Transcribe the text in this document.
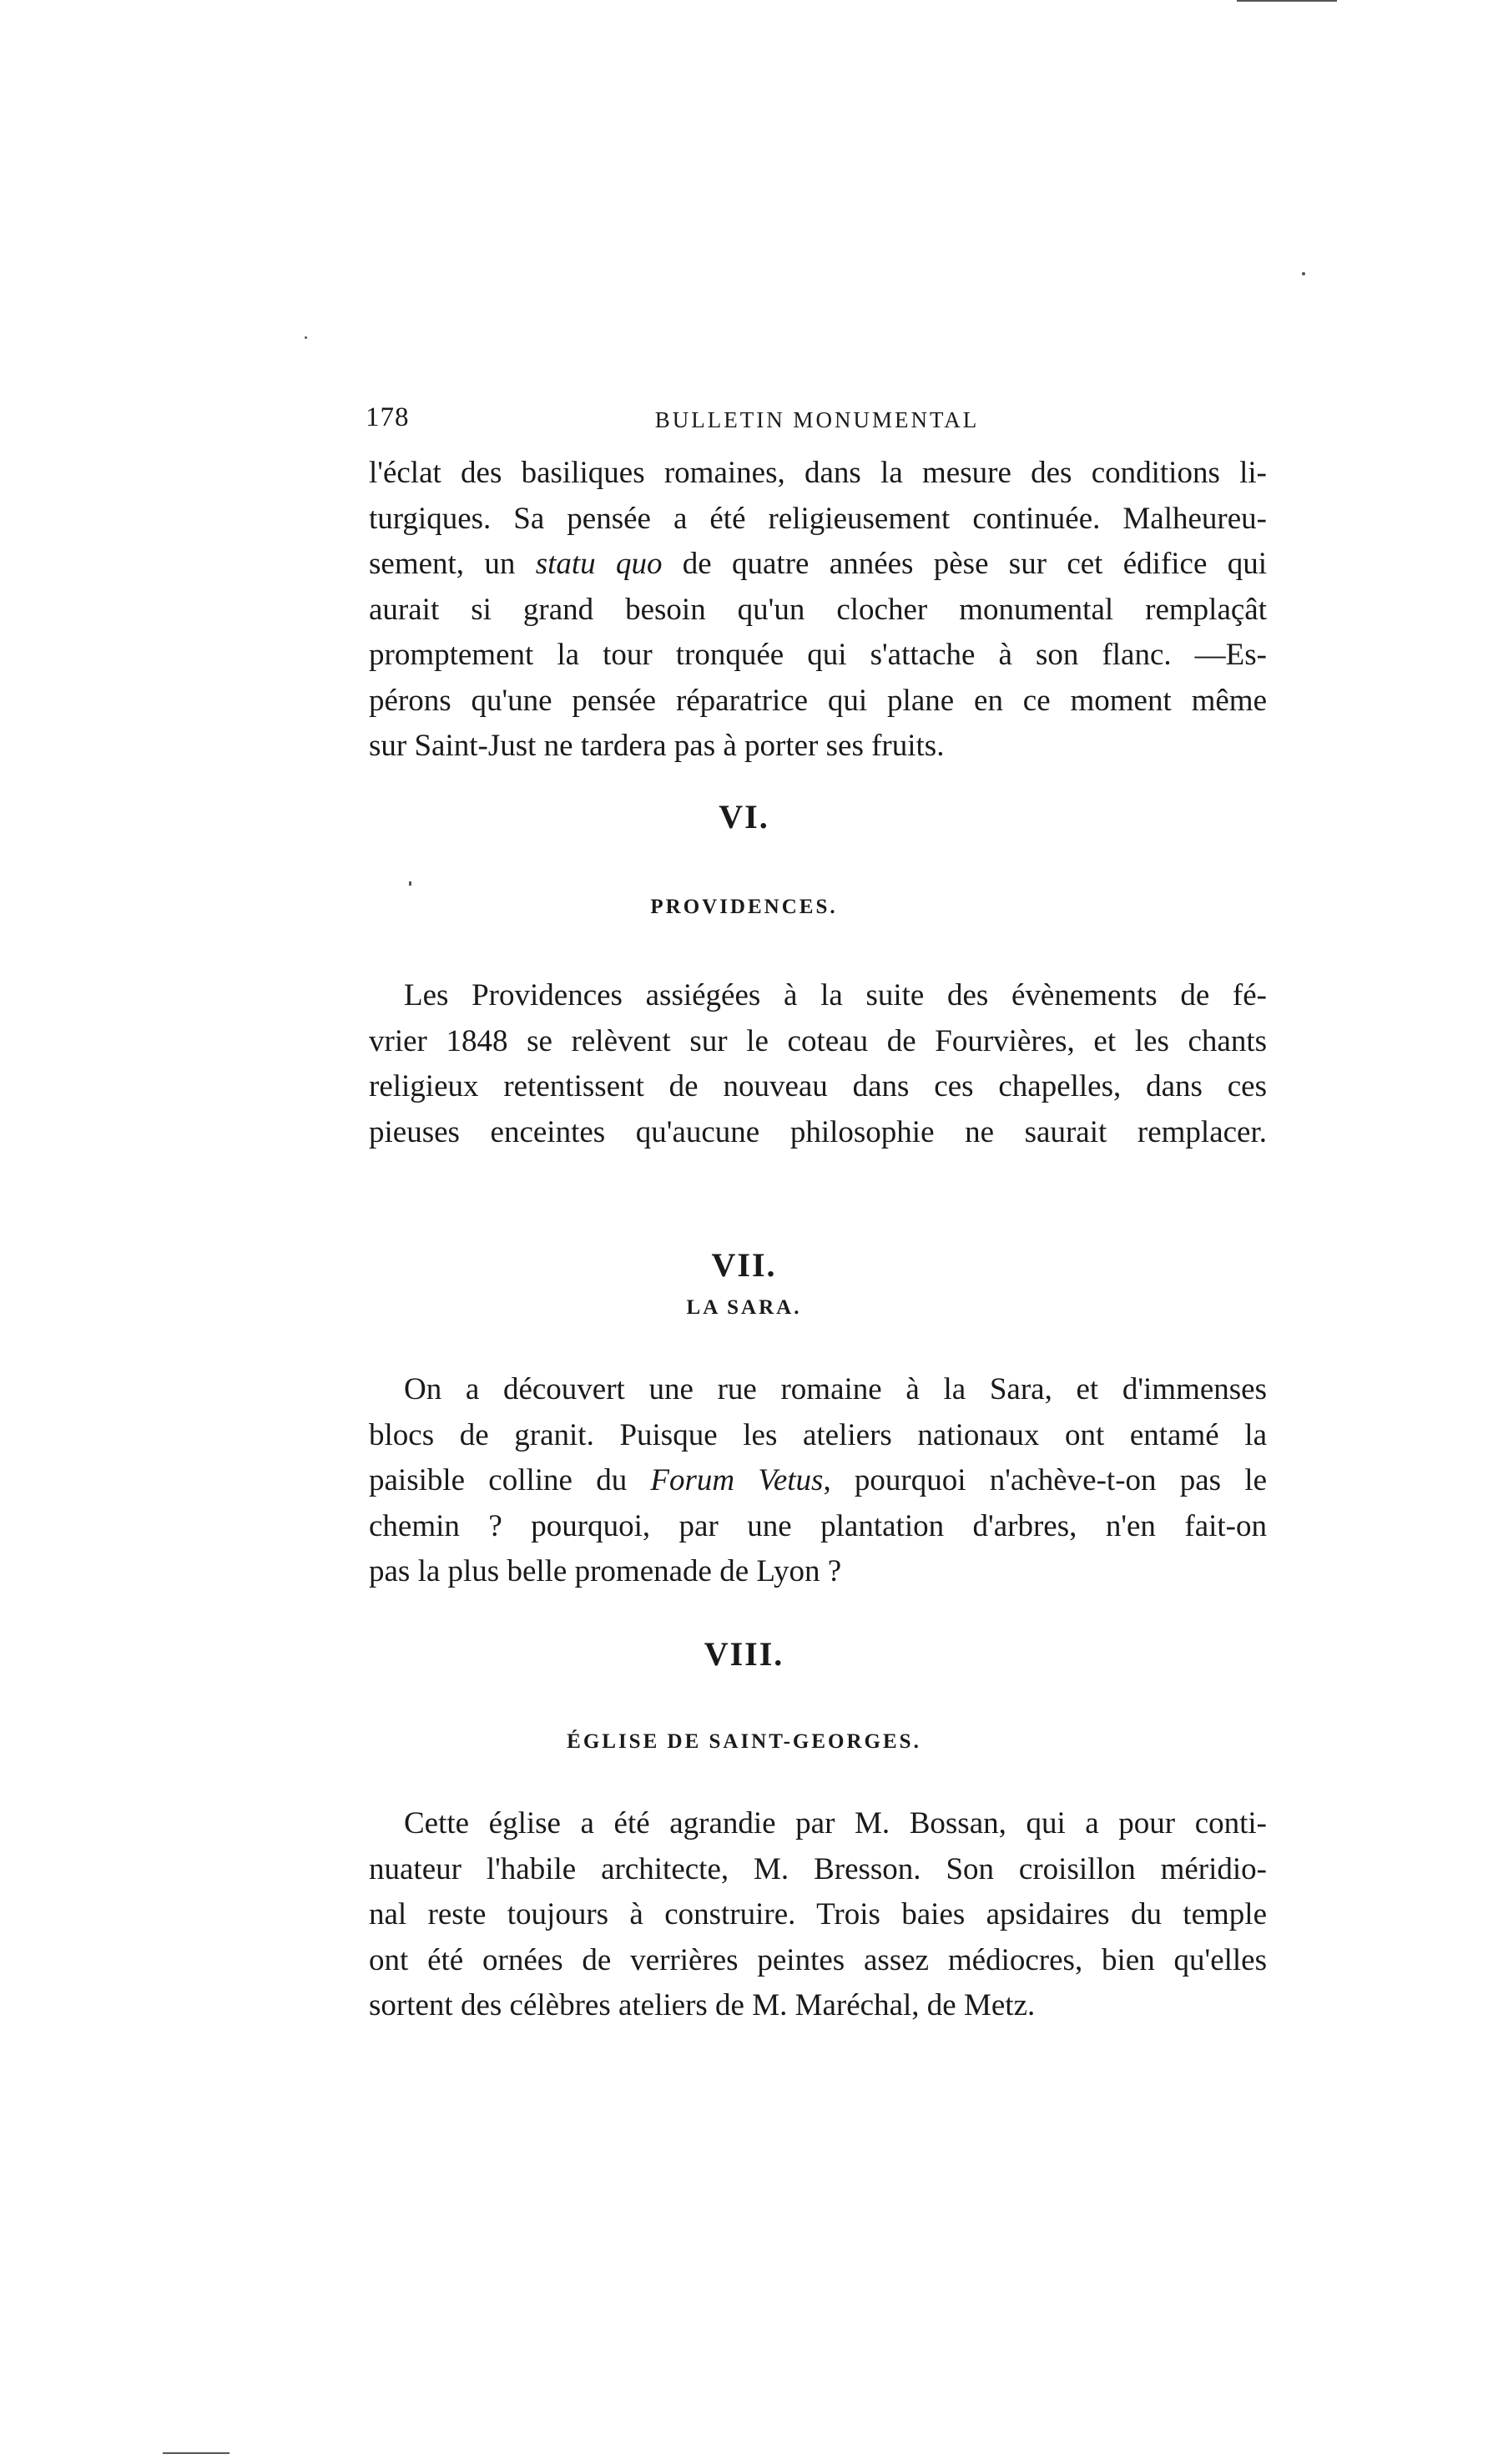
178	BULLETIN MONUMENTAL
l'éclat des basiliques romaines, dans la mesure des conditions li-
turgiques. Sa pensée a été religieusement continuée. Malheureu-
sement, un statu quo de quatre années pèse sur cet édifice qui
aurait si grand besoin qu'un clocher monumental remplaçât
promptement la tour tronquée qui s'attache à son flanc. —Es-
pérons qu'une pensée réparatrice qui plane en ce moment même
sur Saint-Just ne tardera pas à porter ses fruits.
VI.
PROVIDENCES.
Les Providences assiégées à la suite des évènements de fé-
vrier 1848 se relèvent sur le coteau de Fourvières, et les chants
religieux retentissent de nouveau dans ces chapelles, dans ces
pieuses enceintes qu'aucune philosophie ne saurait remplacer.
VII.
LA SARA.
On a découvert une rue romaine à la Sara, et d'immenses
blocs de granit. Puisque les ateliers nationaux ont entamé la
paisible colline du Forum Vetus, pourquoi n'achève-t-on pas le
chemin ? pourquoi, par une plantation d'arbres, n'en fait-on
pas la plus belle promenade de Lyon ?
VIII.
ÉGLISE DE SAINT-GEORGES.
Cette église a été agrandie par M. Bossan, qui a pour conti-
nuateur l'habile architecte, M. Bresson. Son croisillon méridio-
nal reste toujours à construire. Trois baies apsidaires du temple
ont été ornées de verrières peintes assez médiocres, bien qu'elles
sortent des célèbres ateliers de M. Maréchal, de Metz.
